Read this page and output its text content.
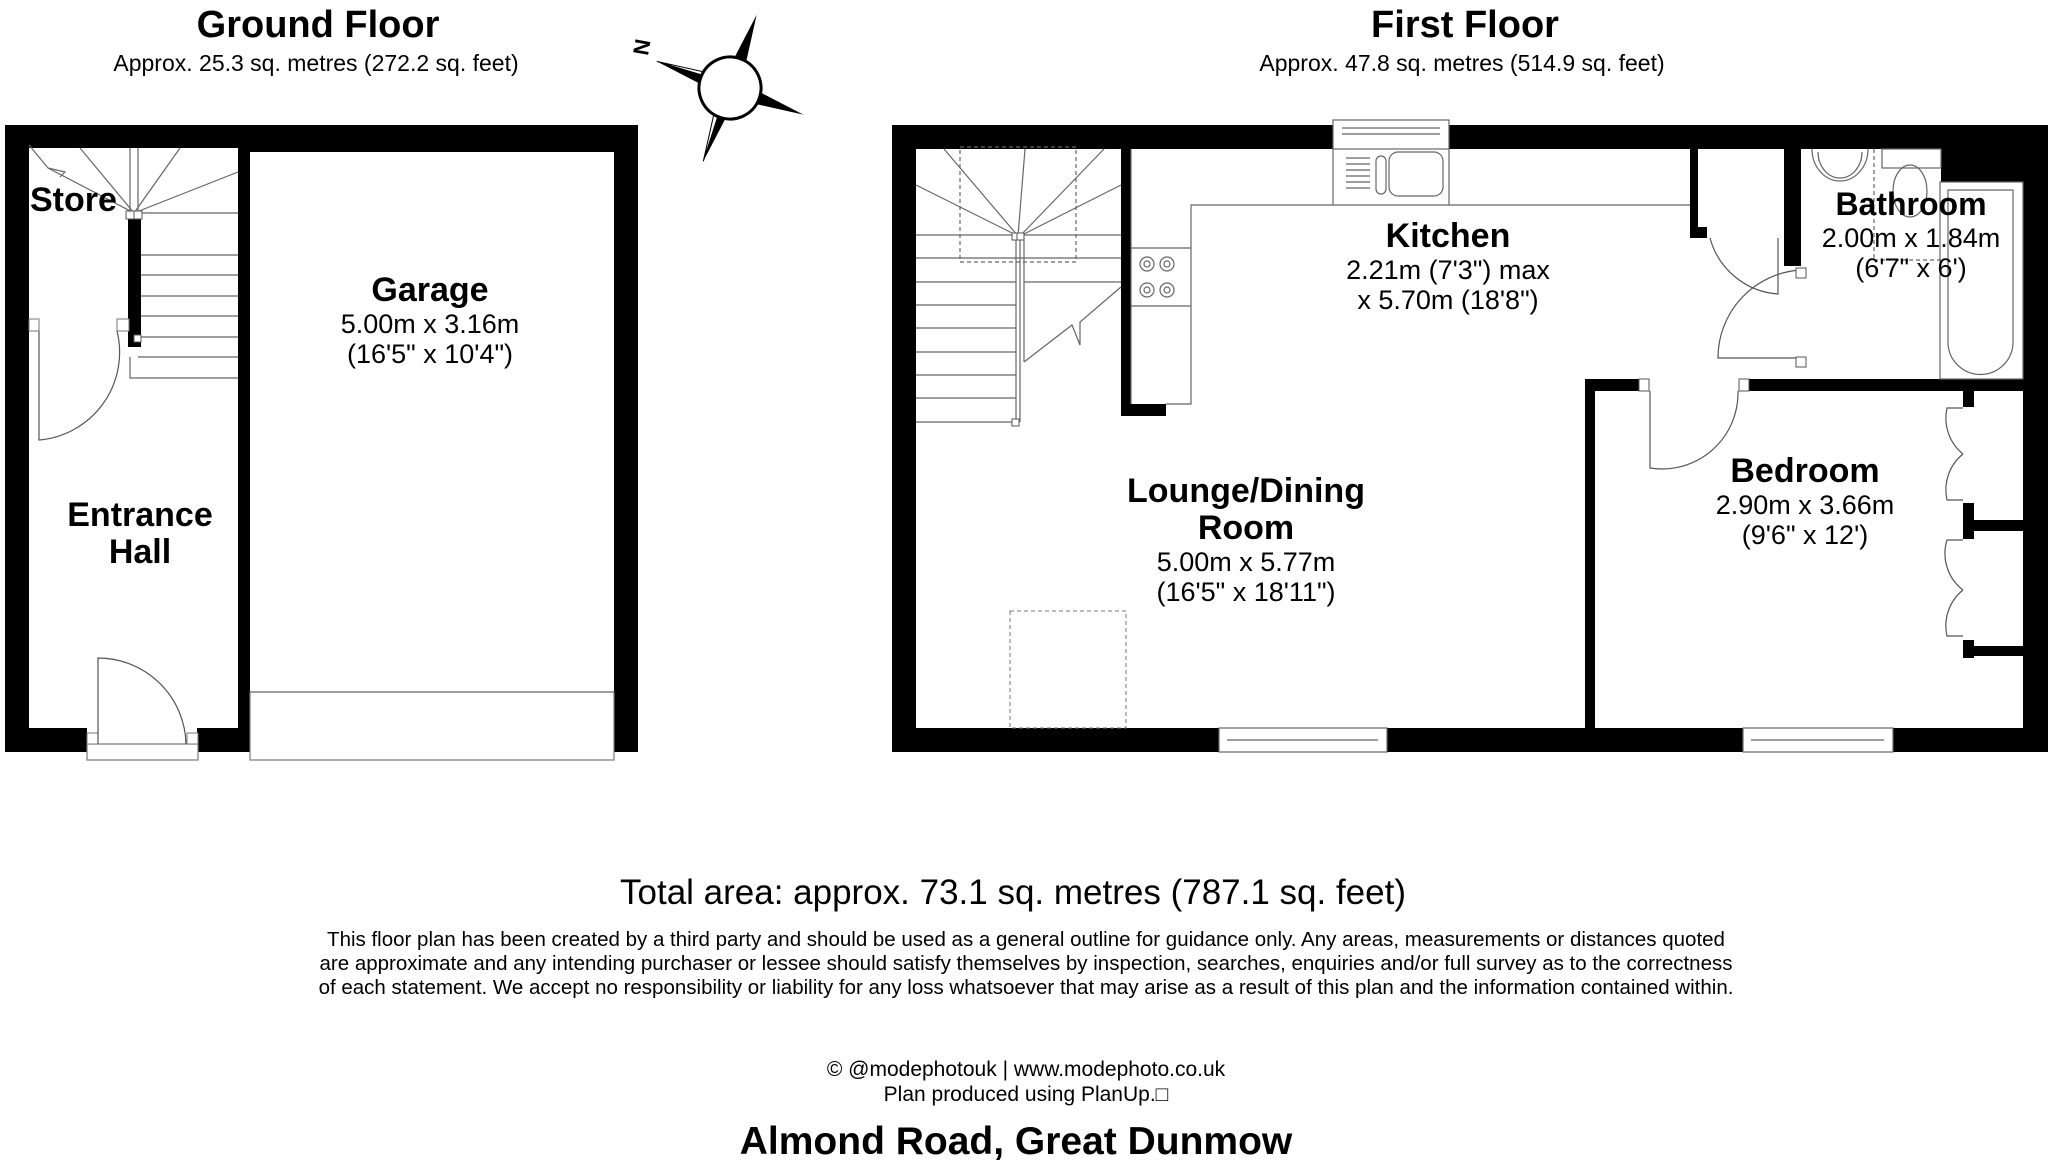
N
Ground Floor
Approx. 25.3 sq. metres (272.2 sq. feet)
First Floor
Approx. 47.8 sq. metres (514.9 sq. feet)
Store
Entrance
Hall
Garage
5.00m x 3.16m
(16'5" x 10'4")
Kitchen
2.21m (7'3") max
x 5.70m (18'8")
Bathroom
2.00m x 1.84m
(6'7" x 6')
Lounge/Dining
Room
5.00m x 5.77m
(16'5" x 18'11")
Bedroom
2.90m x 3.66m
(9'6" x 12')
Total area: approx. 73.1 sq. metres (787.1 sq. feet)
This floor plan has been created by a third party and should be used as a general outline for guidance only. Any areas, measurements or distances quoted are approximate and any intending purchaser or lessee should satisfy themselves by inspection, searches, enquiries and/or full survey as to the correctness of each statement. We accept no responsibility or liability for any loss whatsoever that may arise as a result of this plan and the information contained within.
© @modephotouk | www.modephoto.co.uk
Plan produced using PlanUp.□
Almond Road, Great Dunmow
